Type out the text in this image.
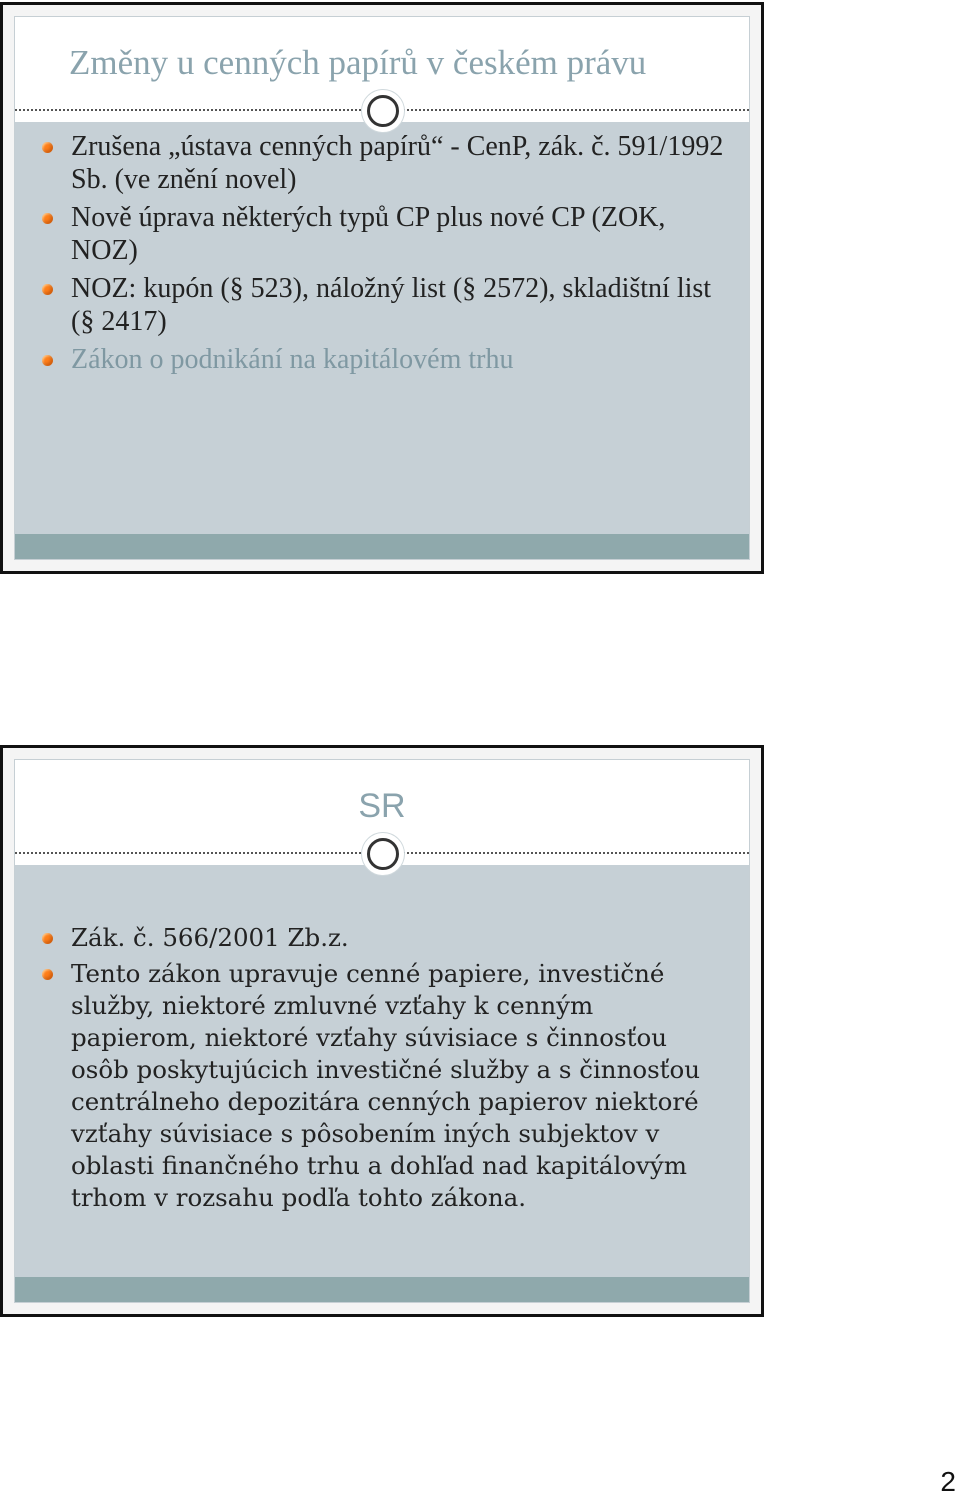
Změny u cenných papírů v českém právu
Zrušena „ústava cenných papírů“ - CenP, zák. č. 591/1992 Sb. (ve znění novel)
Nově úprava některých typů CP plus nové CP (ZOK, NOZ)
NOZ: kupón (§ 523), náložný list (§ 2572), skladištní list (§ 2417)
Zákon o podnikání na kapitálovém trhu
SR
Zák. č. 566/2001 Zb.z.
Tento zákon upravuje cenné papiere, investičné služby, niektoré zmluvné vzťahy k cenným papierom, niektoré vzťahy súvisiace s činnosťou osôb poskytujúcich investičné služby a s činnosťou centrálneho depozitára cenných papierov niektoré vzťahy súvisiace s pôsobením iných subjektov v oblasti finančného trhu a dohľad nad kapitálovým trhom v rozsahu podľa tohto zákona.
2
